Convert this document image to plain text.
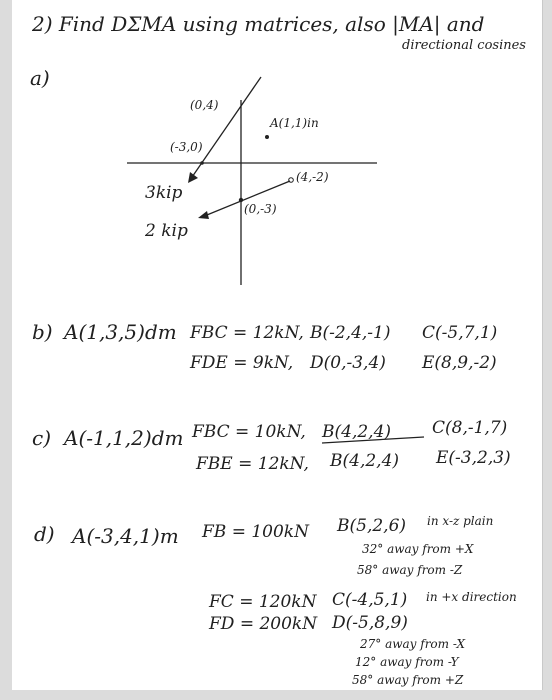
2) Find DΣMA using matrices, also |MA| and
directional cosines
a)
(0,4)
A(1,1)in
(-3,0)
(4,-2)
(0,-3)
3kip
2 kip
b) A(1,3,5)dm FBC = 12kN, B(-2,4,-1) C(-5,7,1)
FDE = 9kN, D(0,-3,4) E(8,9,-2)
c) A(-1,1,2)dm FBC = 10kN, B(4,2,4) C(8,-1,7)
FBE = 12kN, B(4,2,4) E(-3,2,3)
d) A(-3,4,1)m FB = 100kN B(5,2,6) in x-z plain
32° away from +X
58° away from -Z
FC = 120kN C(-4,5,1) in +x direction
FD = 200kN D(-5,8,9)
27° away from -X
12° away from -Y
58° away from +Z
